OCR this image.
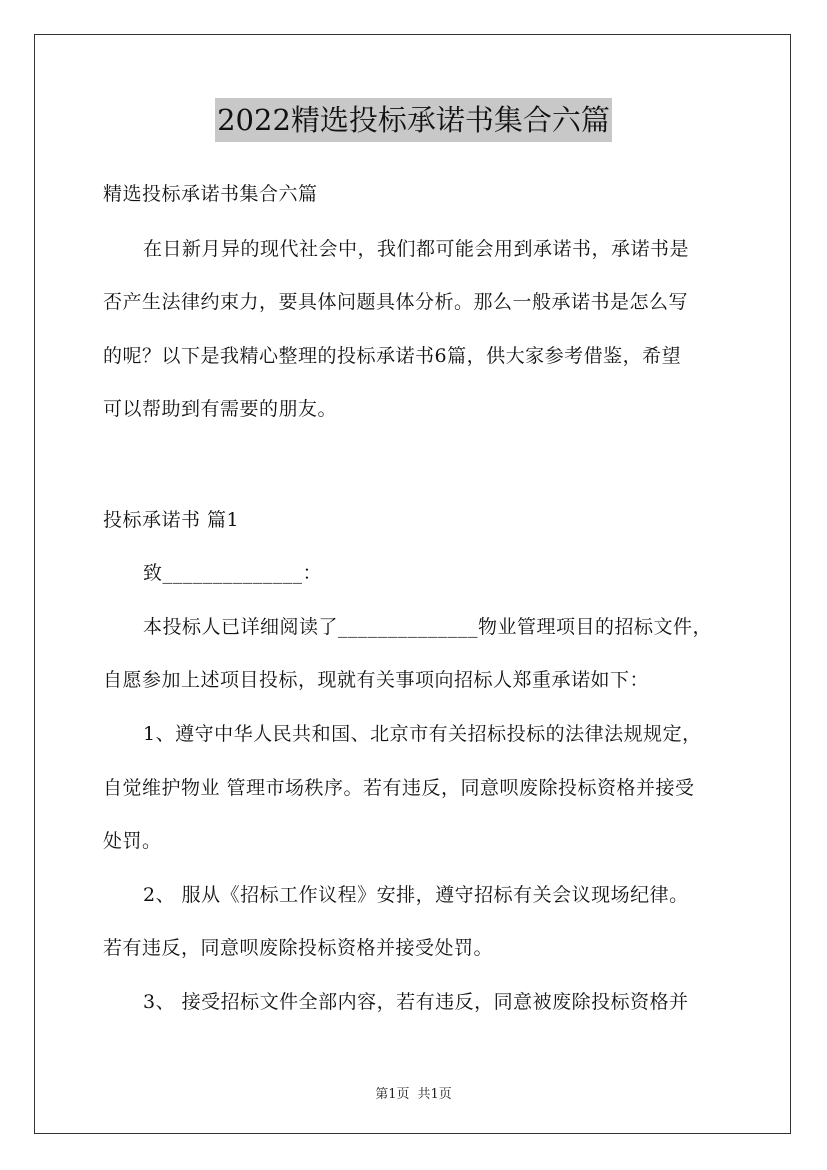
2022精选投标承诺书集合六篇
精选投标承诺书集合六篇
在日新月异的现代社会中，我们都可能会用到承诺书，承诺书是
否产生法律约束力，要具体问题具体分析。那么一般承诺书是怎么写
的呢？以下是我精心整理的投标承诺书6篇，供大家参考借鉴，希望
可以帮助到有需要的朋友。
投标承诺书 篇1
致______________：
本投标人已详细阅读了______________物业管理项目的招标文件，
自愿参加上述项目投标，现就有关事项向招标人郑重承诺如下：
1、遵守中华人民共和国、北京市有关招标投标的法律法规规定，
自觉维护物业 管理市场秩序。若有违反，同意呗废除投标资格并接受
处罚。
2、 服从《招标工作议程》安排，遵守招标有关会议现场纪律。
若有违反，同意呗废除投标资格并接受处罚。
3、 接受招标文件全部内容，若有违反，同意被废除投标资格并
第1页 共1页
